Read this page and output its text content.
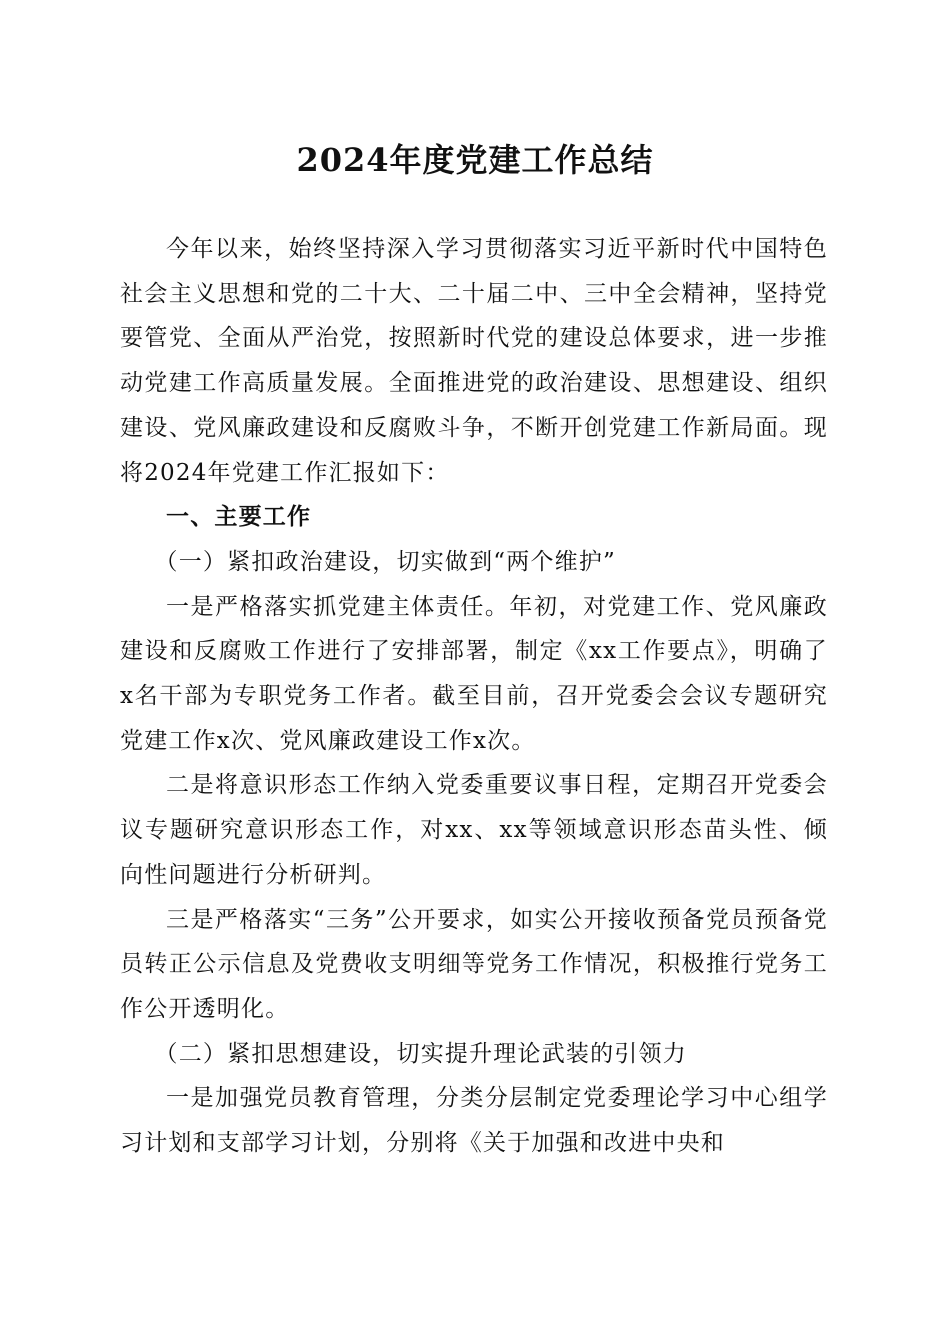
2024年度党建工作总结

今年以来，始终坚持深入学习贯彻落实习近平新时代中国特色社会主义思想和党的二十大、二十届二中、三中全会精神，坚持党要管党、全面从严治党，按照新时代党的建设总体要求，进一步推动党建工作高质量发展。全面推进党的政治建设、思想建设、组织建设、党风廉政建设和反腐败斗争，不断开创党建工作新局面。现将2024年党建工作汇报如下：

一、主要工作

（一）紧扣政治建设，切实做到“两个维护”

一是严格落实抓党建主体责任。年初，对党建工作、党风廉政建设和反腐败工作进行了安排部署，制定《xx工作要点》，明确了x名干部为专职党务工作者。截至目前，召开党委会会议专题研究党建工作x次、党风廉政建设工作x次。

二是将意识形态工作纳入党委重要议事日程，定期召开党委会议专题研究意识形态工作，对xx、xx等领域意识形态苗头性、倾向性问题进行分析研判。

三是严格落实“三务”公开要求，如实公开接收预备党员预备党员转正公示信息及党费收支明细等党务工作情况，积极推行党务工作公开透明化。

（二）紧扣思想建设，切实提升理论武装的引领力

一是加强党员教育管理，分类分层制定党委理论学习中心组学习计划和支部学习计划，分别将《关于加强和改进中央和
